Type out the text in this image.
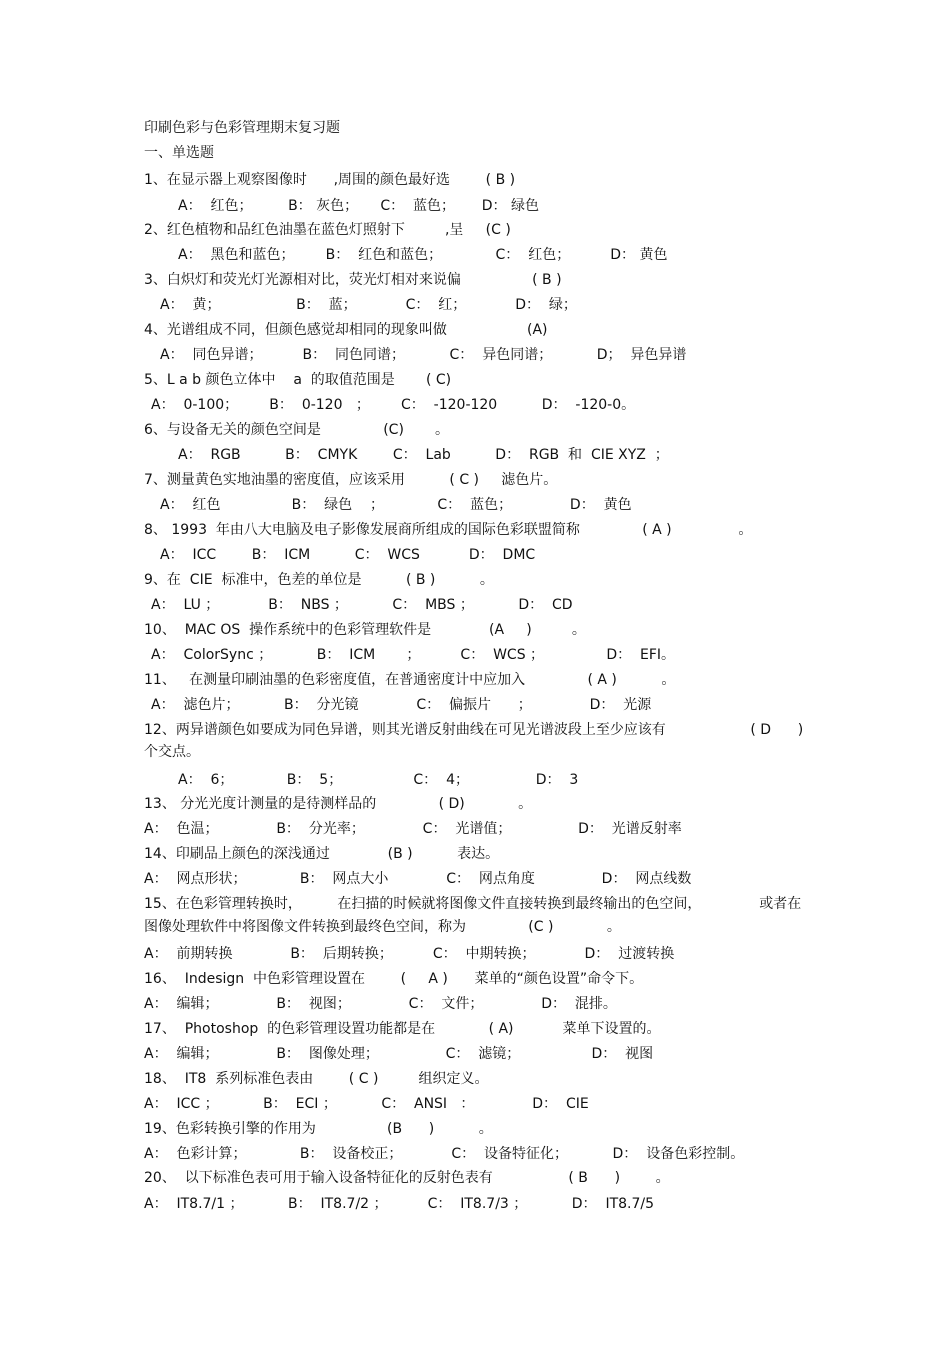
印刷色彩与色彩管理期末复习题
一、单选题
1、在显示器上观察图像时      ,周围的颜色最好选        ( B )
A：  红色；        B： 灰色；     C：  蓝色；      D： 绿色
2、红色植物和品红色油墨在蓝色灯照射下         ,呈     (C )
A：  黑色和蓝色；       B：  红色和蓝色；            C：  红色；         D： 黄色
3、白炽灯和荧光灯光源相对比，荧光灯相对来说偏                ( B )
A：  黄；                 B：  蓝；           C：  红；           D：  绿；
4、光谱组成不同，但颜色感觉却相同的现象叫做                  (A)
A：  同色异谱；         B：  同色同谱；          C：  异色同谱；          D；  异色异谱
5、L a b 颜色立体中    a  的取值范围是       ( C)
A：  0-100；       B：  0-120   ；       C：  -120-120          D：  -120-0。
6、与设备无关的颜色空间是              (C)       。
A：  RGB          B：  CMYK        C：  Lab          D：  RGB  和  CIE XYZ  ；
7、测量黄色实地油墨的密度值，应该采用          ( C )     滤色片。
A：  红色                B：  绿色    ；            C：  蓝色；             D：  黄色
8、 1993  年由八大电脑及电子影像发展商所组成的国际色彩联盟简称              ( A )               。
A：  ICC        B：  ICM          C：  WCS           D：  DMC
9、在  CIE  标准中，色差的单位是          ( B )          。
A：  LU ；           B：  NBS ；          C：  MBS ；          D：  CD
10、  MAC OS  操作系统中的色彩管理软件是             (A     )         。
A：  ColorSync ；          B：  ICM       ；         C：  WCS ；              D：  EFI。
11、   在测量印刷油墨的色彩密度值，在普通密度计中应加入              ( A )          。
A：  滤色片；          B：  分光镜             C：  偏振片      ；             D：  光源
12、两异谱颜色如要成为同色异谱，则其光谱反射曲线在可见光谱波段上至少应该有                   ( D      )
个交点。
A：  6；            B：  5；                C：  4；               D：  3
13、 分光光度计测量的是待测样品的              ( D)            。
A：  色温；             B：  分光率；             C：  光谱值；               D：  光谱反射率
14、印刷品上颜色的深浅通过             (B )          表达。
A：  网点形状；            B：  网点大小             C：  网点角度               D：  网点线数
15、在色彩管理转换时，        在扫描的时候就将图像文件直接转换到最终输出的色空间，             或者在
图像处理软件中将图像文件转换到最终色空间，称为              (C )            。
A：  前期转换             B：  后期转换；         C：  中期转换；           D：  过渡转换
16、  Indesign  中色彩管理设置在        (     A )      菜单的“颜色设置”命令下。
A：  编辑；             B：  视图；             C：  文件；             D：  混排。
17、  Photoshop  的色彩管理设置功能都是在            ( A)           菜单下设置的。
A：  编辑；             B：  图像处理；               C：  滤镜；                D：  视图
18、  IT8  系列标准色表由        ( C )         组织定义。
A：  ICC ；          B：  ECI ；          C：  ANSI   ：             D：  CIE
19、色彩转换引擎的作用为                (B      )          。
A：  色彩计算；            B：  设备校正；           C：  设备特征化；          D：  设备色彩控制。
20、  以下标准色表可用于输入设备特征化的反射色表有                 ( B      )        。
A：  IT8.7/1 ；          B：  IT8.7/2 ；         C：  IT8.7/3 ；          D：  IT8.7/5
